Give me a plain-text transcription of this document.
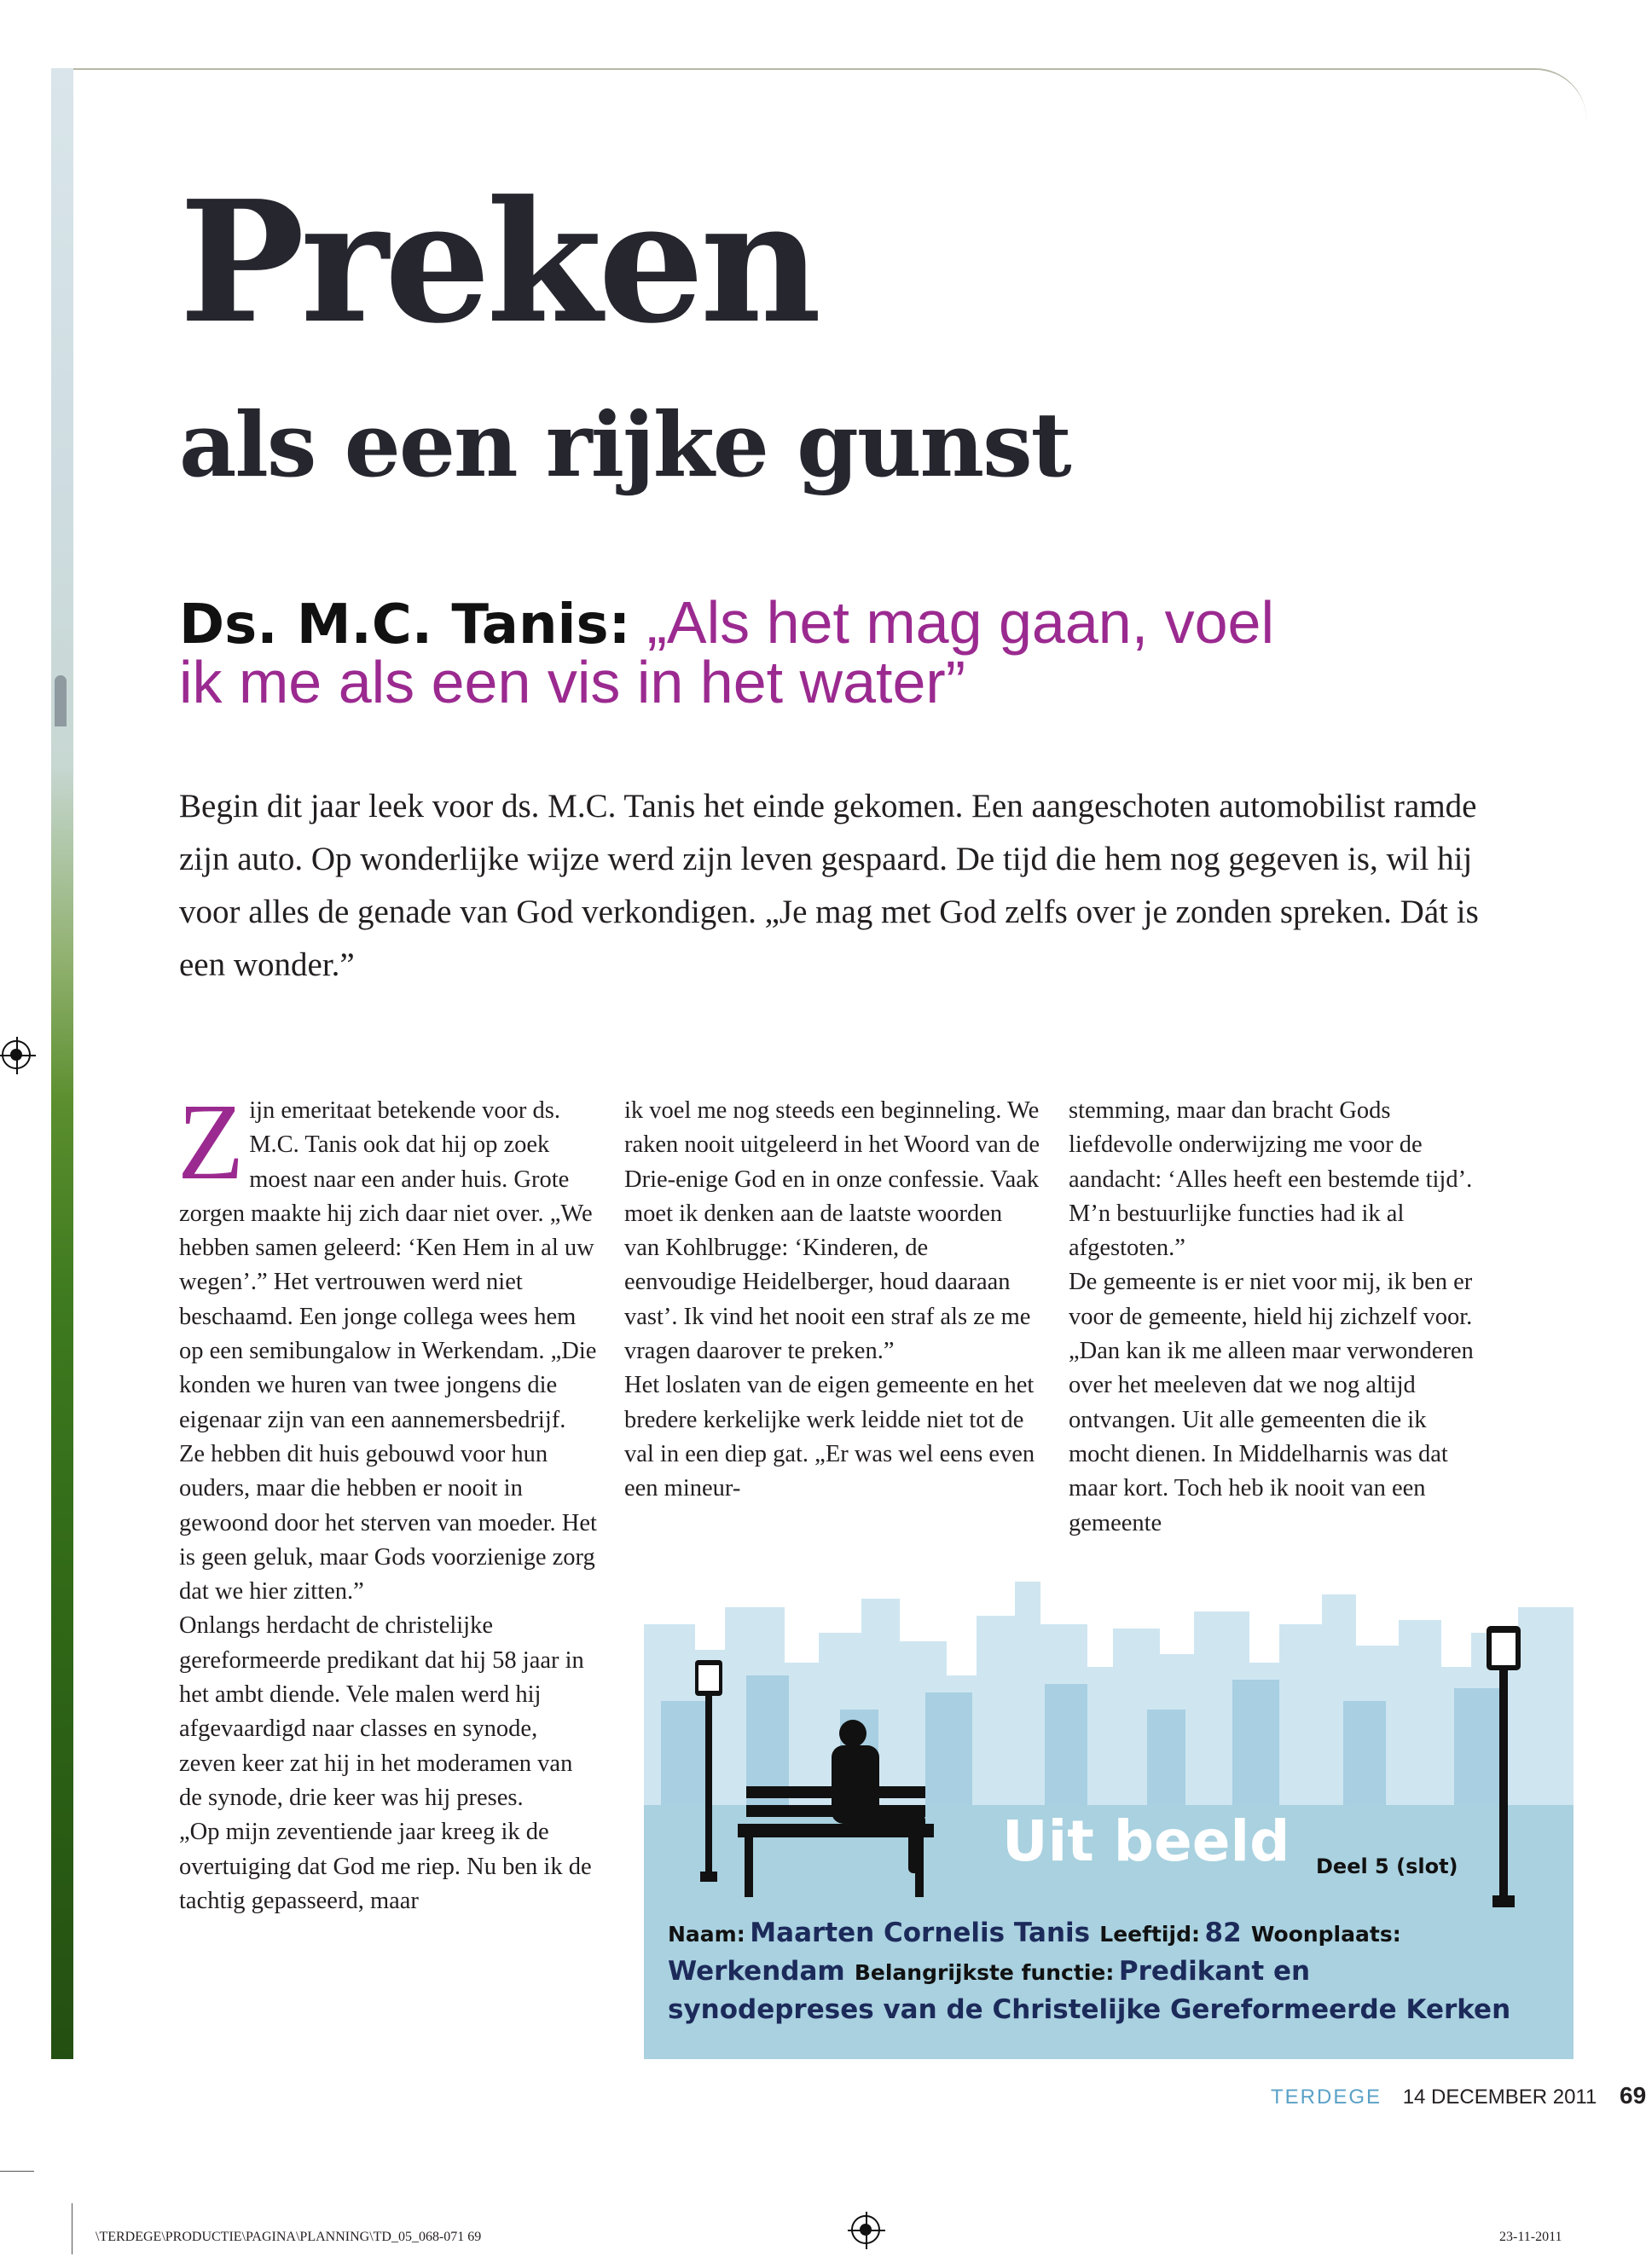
Preken
als een rijke gunst
Ds. M.C. Tanis: „Als het mag gaan, voel
ik me als een vis in het water”
Begin dit jaar leek voor ds. M.C. Tanis het einde gekomen. Een aangeschoten automobilist ramde zijn auto. Op wonderlijke wijze werd zijn leven gespaard. De tijd die hem nog gegeven is, wil hij voor alles de genade van God verkondigen. „Je mag met God zelfs over je zonden spreken. Dát is een wonder.”

Zijn emeritaat betekende voor ds. M.C. Tanis ook dat hij op zoek moest naar een ander huis. Grote zorgen maakte hij zich daar niet over. „We hebben samen geleerd: ‘Ken Hem in al uw wegen’.” Het vertrouwen werd niet beschaamd. Een jonge collega wees hem op een semibungalow in Werkendam. „Die konden we huren van twee jongens die eigenaar zijn van een aannemersbedrijf. Ze hebben dit huis gebouwd voor hun ouders, maar die hebben er nooit in gewoond door het sterven van moeder. Het is geen geluk, maar Gods voorzienige zorg dat we hier zitten.”

Onlangs herdacht de christelijke gereformeerde predikant dat hij 58 jaar in het ambt diende. Vele malen werd hij afgevaardigd naar classes en synode, zeven keer zat hij in het moderamen van de synode, drie keer was hij preses.

„Op mijn zeventiende jaar kreeg ik de overtuiging dat God me riep. Nu ben ik de tachtig gepasseerd, maar

ik voel me nog steeds een beginneling. We raken nooit uitgeleerd in het Woord van de Drie-enige God en in onze confessie. Vaak moet ik denken aan de laatste woorden van Kohlbrugge: ‘Kinderen, de eenvoudige Heidelberger, houd daaraan vast’. Ik vind het nooit een straf als ze me vragen daarover te preken.”

Het loslaten van de eigen gemeente en het bredere kerkelijke werk leidde niet tot de val in een diep gat. „Er was wel eens even een mineur-

stemming, maar dan bracht Gods liefdevolle onderwijzing me voor de aandacht: ‘Alles heeft een bestemde tijd’. M’n bestuurlijke functies had ik al afgestoten.”

De gemeente is er niet voor mij, ik ben er voor de gemeente, hield hij zichzelf voor. „Dan kan ik me alleen maar verwonderen over het meeleven dat we nog altijd ontvangen. Uit alle gemeenten die ik mocht dienen. In Middelharnis was dat maar kort. Toch heb ik nooit van een gemeente

Uit beeld Deel 5 (slot)
Naam: Maarten Cornelis Tanis Leeftijd: 82 Woonplaats: Werkendam Belangrijkste functie: Predikant en synodepreses van de Christelijke Gereformeerde Kerken
TERDEGE 14 DECEMBER 2011 69
\TERDEGE\PRODUCTIE\PAGINA\PLANNING\TD_05_068-071 69	23-11-2011
